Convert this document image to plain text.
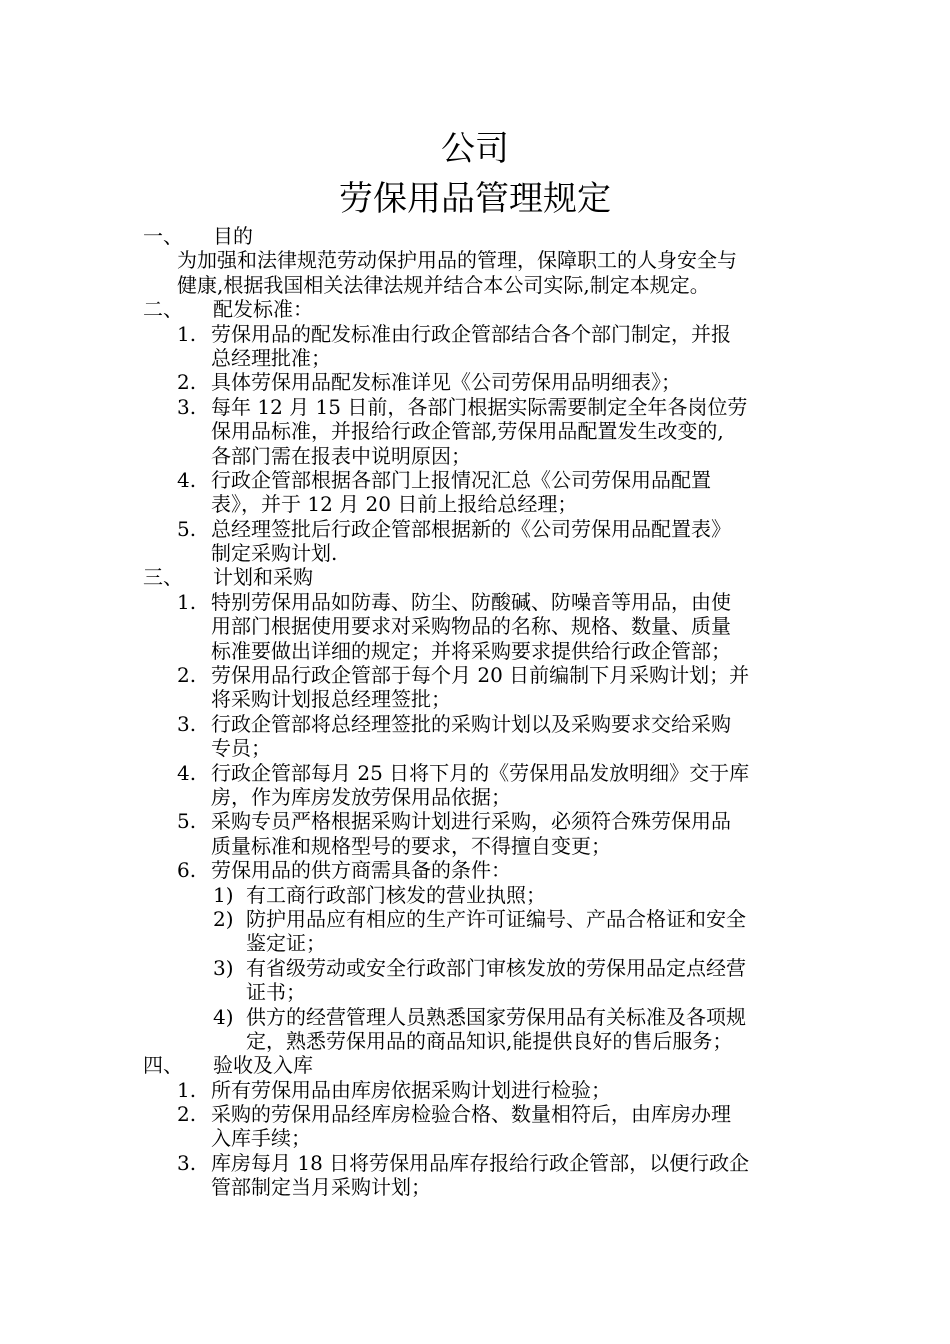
公司
劳保用品管理规定
一、 目的
为加强和法律规范劳动保护用品的管理，保障职工的人身安全与
健康,根据我国相关法律法规并结合本公司实际,制定本规定。
二、 配发标准：
1. 劳保用品的配发标准由行政企管部结合各个部门制定，并报
总经理批准；
2. 具体劳保用品配发标准详见《公司劳保用品明细表》；
3. 每年 12 月 15 日前，各部门根据实际需要制定全年各岗位劳
保用品标准，并报给行政企管部,劳保用品配置发生改变的,
各部门需在报表中说明原因；
4. 行政企管部根据各部门上报情况汇总《公司劳保用品配置
表》，并于 12 月 20 日前上报给总经理；
5. 总经理签批后行政企管部根据新的《公司劳保用品配置表》
制定采购计划.
三、 计划和采购
1. 特别劳保用品如防毒、防尘、防酸碱、防噪音等用品，由使
用部门根据使用要求对采购物品的名称、规格、数量、质量
标准要做出详细的规定；并将采购要求提供给行政企管部；
2. 劳保用品行政企管部于每个月 20 日前编制下月采购计划；并
将采购计划报总经理签批；
3. 行政企管部将总经理签批的采购计划以及采购要求交给采购
专员；
4. 行政企管部每月 25 日将下月的《劳保用品发放明细》交于库
房，作为库房发放劳保用品依据；
5. 采购专员严格根据采购计划进行采购，必须符合殊劳保用品
质量标准和规格型号的要求，不得擅自变更；
6. 劳保用品的供方商需具备的条件：
1) 有工商行政部门核发的营业执照；
2) 防护用品应有相应的生产许可证编号、产品合格证和安全
鉴定证；
3) 有省级劳动或安全行政部门审核发放的劳保用品定点经营
证书；
4) 供方的经营管理人员熟悉国家劳保用品有关标准及各项规
定，熟悉劳保用品的商品知识,能提供良好的售后服务；
四、 验收及入库
1. 所有劳保用品由库房依据采购计划进行检验；
2. 采购的劳保用品经库房检验合格、数量相符后，由库房办理
入库手续；
3. 库房每月 18 日将劳保用品库存报给行政企管部，以便行政企
管部制定当月采购计划；
